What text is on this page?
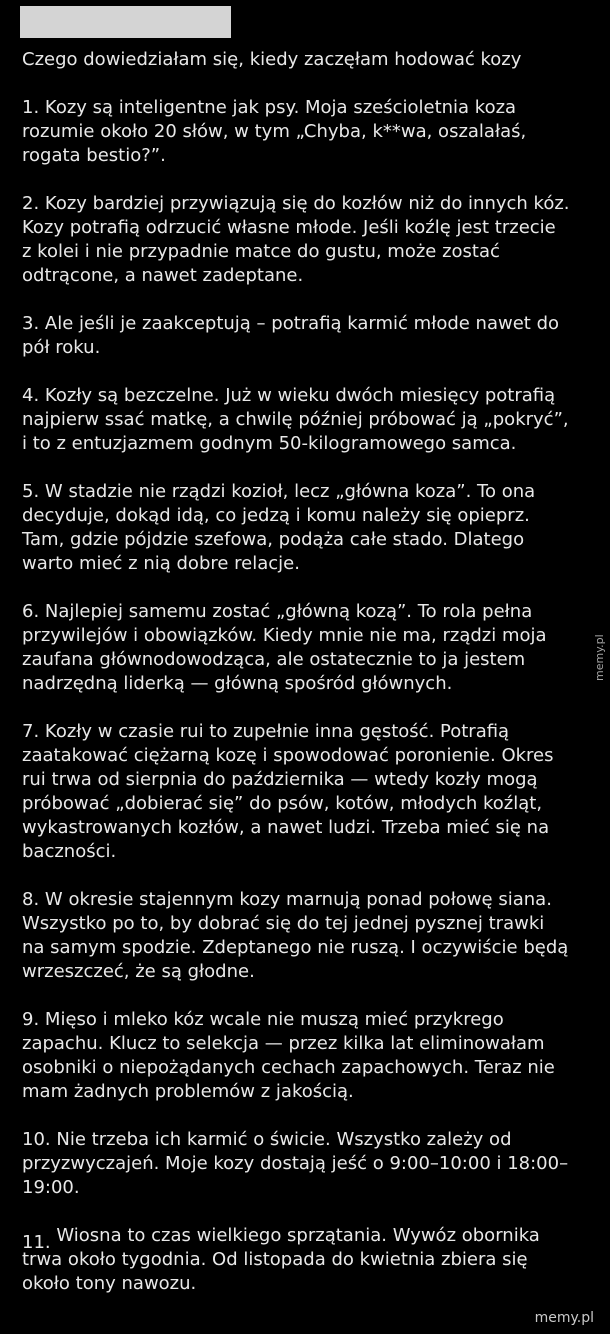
Czego dowiedziałam się, kiedy zaczęłam hodować kozy
1. Kozy są inteligentne jak psy. Moja sześcioletnia koza
rozumie około 20 słów, w tym „Chyba, k**wa, oszalałaś,
rogata bestio?”.
2. Kozy bardziej przywiązują się do kozłów niż do innych kóz.
Kozy potrafią odrzucić własne młode. Jeśli koźlę jest trzecie
z kolei i nie przypadnie matce do gustu, może zostać
odtrącone, a nawet zadeptane.
3. Ale jeśli je zaakceptują – potrafią karmić młode nawet do
pół roku.
4. Kozły są bezczelne. Już w wieku dwóch miesięcy potrafią
najpierw ssać matkę, a chwilę później próbować ją „pokryć”,
i to z entuzjazmem godnym 50-kilogramowego samca.
5. W stadzie nie rządzi kozioł, lecz „główna koza”. To ona
decyduje, dokąd idą, co jedzą i komu należy się opieprz.
Tam, gdzie pójdzie szefowa, podąża całe stado. Dlatego
warto mieć z nią dobre relacje.
6. Najlepiej samemu zostać „główną kozą”. To rola pełna
przywilejów i obowiązków. Kiedy mnie nie ma, rządzi moja
zaufana głównodowodząca, ale ostatecznie to ja jestem
nadrzędną liderką — główną spośród głównych.
7. Kozły w czasie rui to zupełnie inna gęstość. Potrafią
zaatakować ciężarną kozę i spowodować poronienie. Okres
rui trwa od sierpnia do października — wtedy kozły mogą
próbować „dobierać się” do psów, kotów, młodych koźląt,
wykastrowanych kozłów, a nawet ludzi. Trzeba mieć się na
baczności.
8. W okresie stajennym kozy marnują ponad połowę siana.
Wszystko po to, by dobrać się do tej jednej pysznej trawki
na samym spodzie. Zdeptanego nie ruszą. I oczywiście będą
wrzeszczeć, że są głodne.
9. Mięso i mleko kóz wcale nie muszą mieć przykrego
zapachu. Klucz to selekcja — przez kilka lat eliminowałam
osobniki o niepożądanych cechach zapachowych. Teraz nie
mam żadnych problemów z jakością.
10. Nie trzeba ich karmić o świcie. Wszystko zależy od
przyzwyczajeń. Moje kozy dostają jeść o 9:00–10:00 i 18:00–
19:00.
11. Wiosna to czas wielkiego sprzątania. Wywóz obornika
trwa około tygodnia. Od listopada do kwietnia zbiera się
około tony nawozu.
memy.pl
memy.pl
